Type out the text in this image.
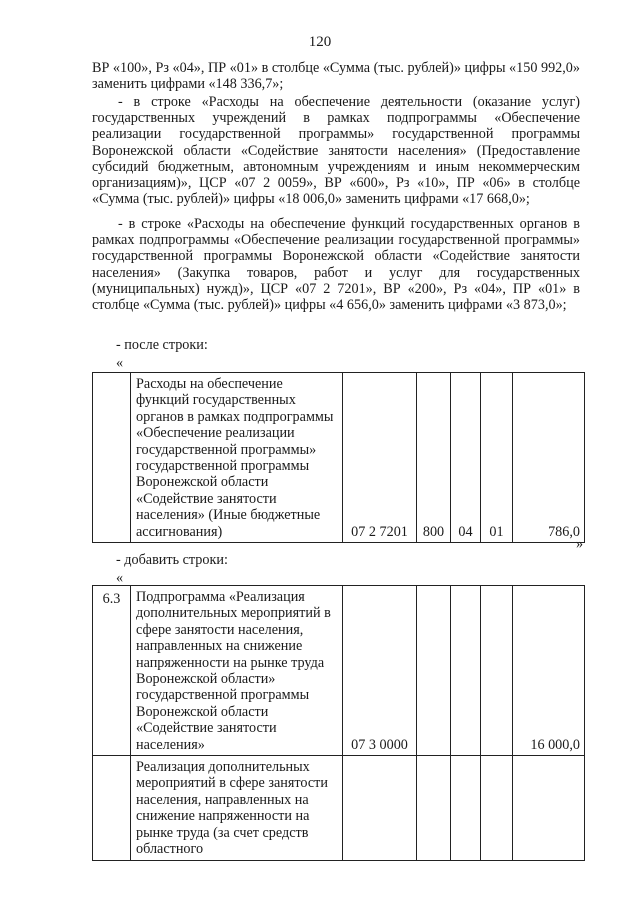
120

ВР «100», Рз «04», ПР «01» в столбце «Сумма (тыс. рублей)» цифры «150 992,0» заменить цифрами «148 336,7»;

- в строке «Расходы на обеспечение деятельности (оказание услуг) государственных учреждений в рамках подпрограммы «Обеспечение реализации государственной программы» государственной программы Воронежской области «Содействие занятости населения» (Предоставление субсидий бюджетным, автономным учреждениям и иным некоммерческим организациям)», ЦСР «07 2 0059», ВР «600», Рз «10», ПР «06» в столбце «Сумма (тыс. рублей)» цифры «18 006,0» заменить цифрами «17 668,0»;

- в строке «Расходы на обеспечение функций государственных органов в рамках подпрограммы «Обеспечение реализации государственной программы» государственной программы Воронежской области «Содействие занятости населения» (Закупка товаров, работ и услуг для государственных (муниципальных) нужд)», ЦСР «07 2 7201», ВР «200», Рз «04», ПР «01» в столбце «Сумма (тыс. рублей)» цифры «4 656,0» заменить цифрами «3 873,0»;

- после строки:
«
	Расходы на обеспечение функций государственных органов в рамках подпрограммы «Обеспечение реализации государственной программы» государственной программы Воронежской области «Содействие занятости населения» (Иные бюджетные ассигнования)	07 2 7201	800	04	01	786,0
»
- добавить строки:
«
6.3	Подпрограмма «Реализация дополнительных мероприятий в сфере занятости населения, направленных на снижение напряженности на рынке труда Воронежской области» государственной программы Воронежской области «Содействие занятости населения»	07 3 0000				16 000,0
	Реализация дополнительных мероприятий в сфере занятости населения, направленных на снижение напряженности на рынке труда (за счет средств областного					
